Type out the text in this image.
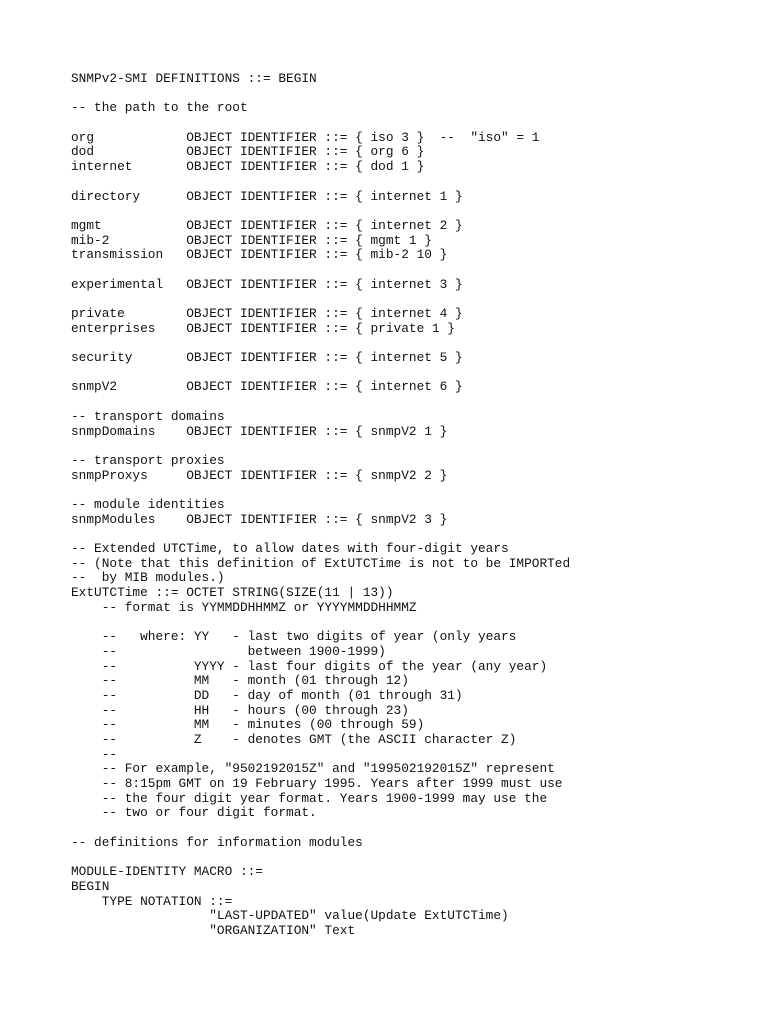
SNMPv2-SMI DEFINITIONS ::= BEGIN
-- the path to the root
org            OBJECT IDENTIFIER ::= { iso 3 }  --  "iso" = 1
dod            OBJECT IDENTIFIER ::= { org 6 }
internet       OBJECT IDENTIFIER ::= { dod 1 }
directory      OBJECT IDENTIFIER ::= { internet 1 }
mgmt           OBJECT IDENTIFIER ::= { internet 2 }
mib-2          OBJECT IDENTIFIER ::= { mgmt 1 }
transmission   OBJECT IDENTIFIER ::= { mib-2 10 }
experimental   OBJECT IDENTIFIER ::= { internet 3 }
private        OBJECT IDENTIFIER ::= { internet 4 }
enterprises    OBJECT IDENTIFIER ::= { private 1 }
security       OBJECT IDENTIFIER ::= { internet 5 }
snmpV2         OBJECT IDENTIFIER ::= { internet 6 }
-- transport domains
snmpDomains    OBJECT IDENTIFIER ::= { snmpV2 1 }
-- transport proxies
snmpProxys     OBJECT IDENTIFIER ::= { snmpV2 2 }
-- module identities
snmpModules    OBJECT IDENTIFIER ::= { snmpV2 3 }
-- Extended UTCTime, to allow dates with four-digit years
-- (Note that this definition of ExtUTCTime is not to be IMPORTed
--  by MIB modules.)
ExtUTCTime ::= OCTET STRING(SIZE(11 | 13))
-- format is YYMMDDHHMMZ or YYYYMMDDHHMMZ
--   where: YY   - last two digits of year (only years
--                 between 1900-1999)
--          YYYY - last four digits of the year (any year)
--          MM   - month (01 through 12)
--          DD   - day of month (01 through 31)
--          HH   - hours (00 through 23)
--          MM   - minutes (00 through 59)
--          Z    - denotes GMT (the ASCII character Z)
--
-- For example, "9502192015Z" and "199502192015Z" represent
-- 8:15pm GMT on 19 February 1995. Years after 1999 must use
-- the four digit year format. Years 1900-1999 may use the
-- two or four digit format.
-- definitions for information modules
MODULE-IDENTITY MACRO ::=
BEGIN
TYPE NOTATION ::=
"LAST-UPDATED" value(Update ExtUTCTime)
"ORGANIZATION" Text
